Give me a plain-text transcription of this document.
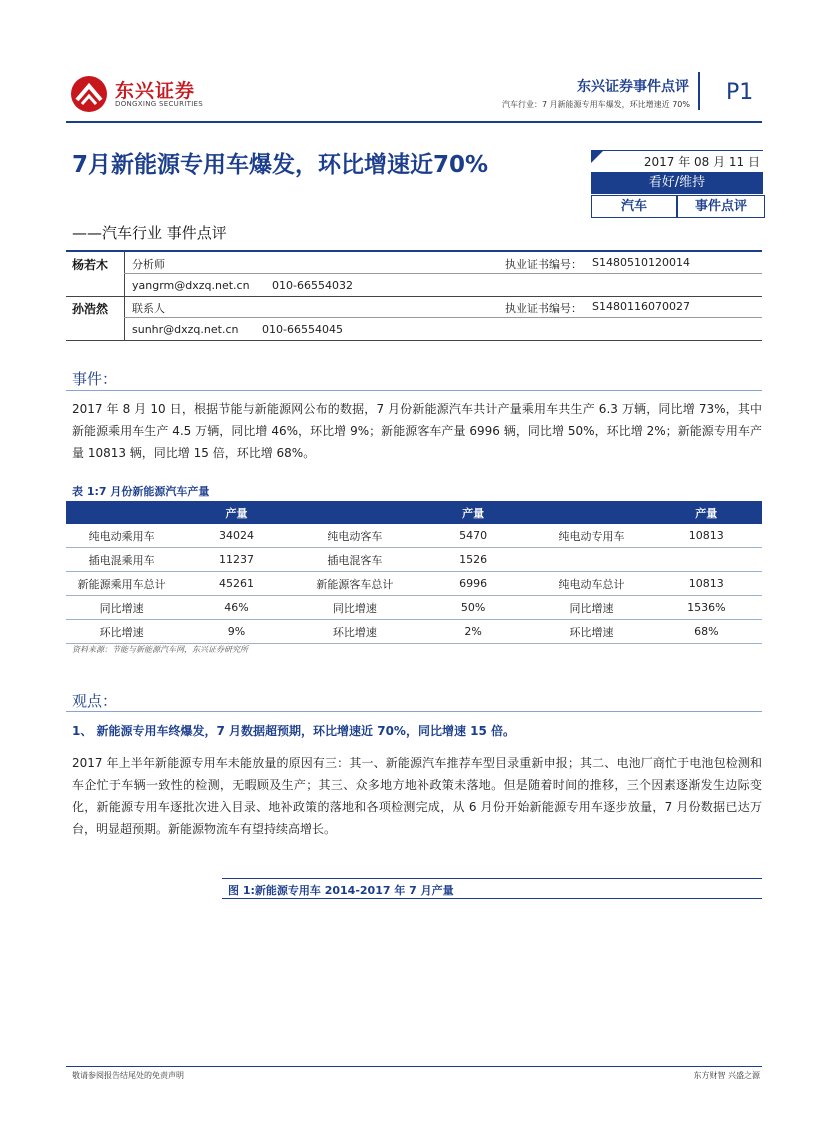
东兴证券
DONGXING SECURITIES
东兴证券事件点评
汽车行业：7 月新能源专用车爆发，环比增速近 70% P1
7月新能源专用车爆发，环比增速近70%
——汽车行业 事件点评
2017 年 08 月 11 日
看好/维持
汽车	事件点评
杨若木 分析师	执业证书编号： S1480510120014
yangrm@dxzq.net.cn 010-66554032
孙浩然 联系人	执业证书编号： S1480116070027
sunhr@dxzq.net.cn 010-66554045
事件：
2017 年 8 月 10 日，根据节能与新能源网公布的数据，7 月份新能源汽车共计产量乘用车共生产 6.3 万辆，同比增 73%，其中新能源乘用车生产 4.5 万辆，同比增 46%，环比增 9%；新能源客车产量 6996 辆，同比增 50%，环比增 2%；新能源专用车产量 10813 辆，同比增 15 倍，环比增 68%。
表 1:7 月份新能源汽车产量
	产量		产量		产量
纯电动乘用车	34024	纯电动客车	5470	纯电动专用车	10813
插电混乘用车	11237	插电混客车	1526		
新能源乘用车总计	45261	新能源客车总计	6996	纯电动车总计	10813
同比增速	46%	同比增速	50%	同比增速	1536%
环比增速	9%	环比增速	2%	环比增速	68%
资料来源：节能与新能源汽车网，东兴证券研究所
观点：
1、 新能源专用车终爆发，7 月数据超预期，环比增速近 70%，同比增速 15 倍。
2017 年上半年新能源专用车未能放量的原因有三：其一、新能源汽车推荐车型目录重新申报；其二、电池厂商忙于电池包检测和车企忙于车辆一致性的检测，无暇顾及生产；其三、众多地方地补政策未落地。但是随着时间的推移，三个因素逐渐发生边际变化，新能源专用车逐批次进入目录、地补政策的落地和各项检测完成，从 6 月份开始新能源专用车逐步放量，7 月份数据已达万台，明显超预期。新能源物流车有望持续高增长。
图 1:新能源专用车 2014-2017 年 7 月产量
敬请参阅报告结尾处的免责声明	东方财智 兴盛之源
